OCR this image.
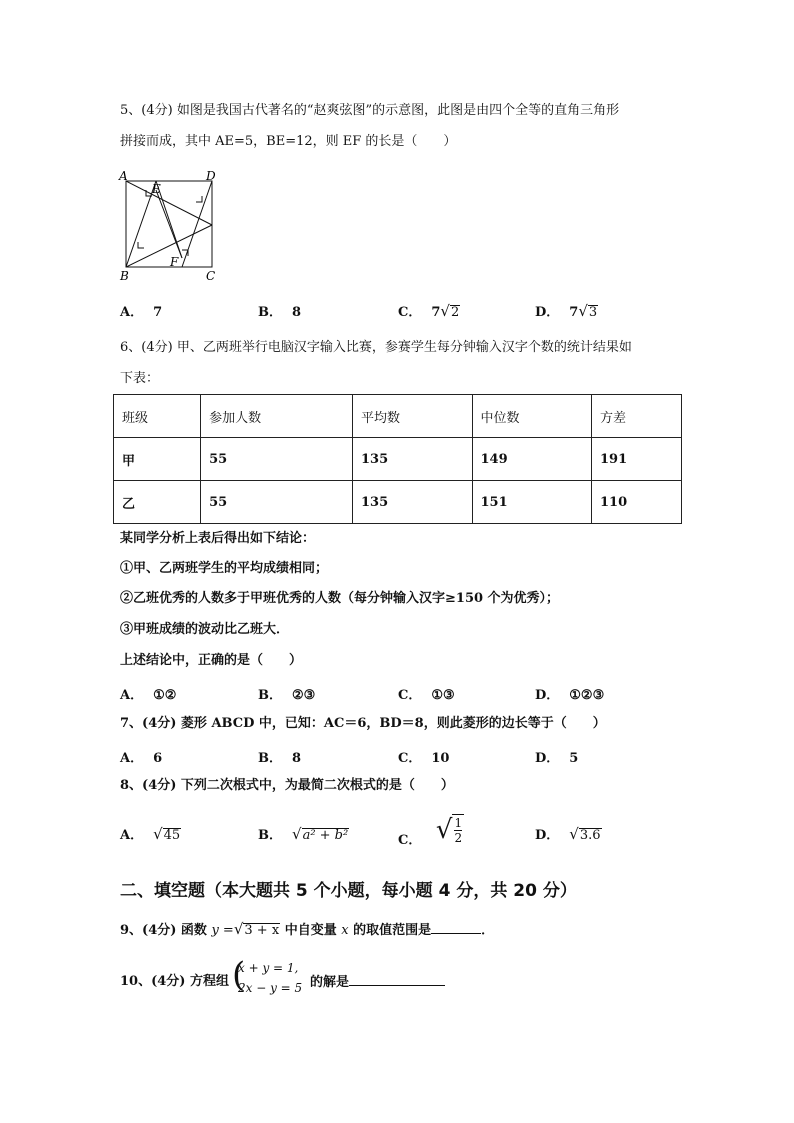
5、(4分) 如图是我国古代著名的“赵爽弦图”的示意图，此图是由四个全等的直角三角形
拼接而成，其中 AE=5，BE=12，则 EF 的长是（　　）
A	D
E
B
F
C
A． 7	B． 8	C． 7√2	D． 7√3
6、(4分) 甲、乙两班举行电脑汉字输入比赛，参赛学生每分钟输入汉字个数的统计结果如
下表：
班级	参加人数	平均数	中位数	方差
甲	55	135	149	191
乙	55	135	151	110
某同学分析上表后得出如下结论：
①甲、乙两班学生的平均成绩相同；
②乙班优秀的人数多于甲班优秀的人数（每分钟输入汉字≥150 个为优秀）；
③甲班成绩的波动比乙班大．
上述结论中，正确的是（　　）
A． ①②	B． ②③	C． ①③	D． ①②③
7、(4分) 菱形 ABCD 中，已知：AC＝6，BD＝8，则此菱形的边长等于（　　）
A． 6	B． 8	C． 10	D． 5
8、(4分) 下列二次根式中，为最简二次根式的是（　　）
A． √45	B． √a² + b²	C． √ $\frac{1}{2}$	D． √3.6
二、填空题（本大题共 5 个小题，每小题 4 分，共 20 分）
9、(4分) 函数 y =√3 + x 中自变量 x 的取值范围是	．
10、(4分) 方程组 (
x + y = 1,
2x − y = 5 的解是
